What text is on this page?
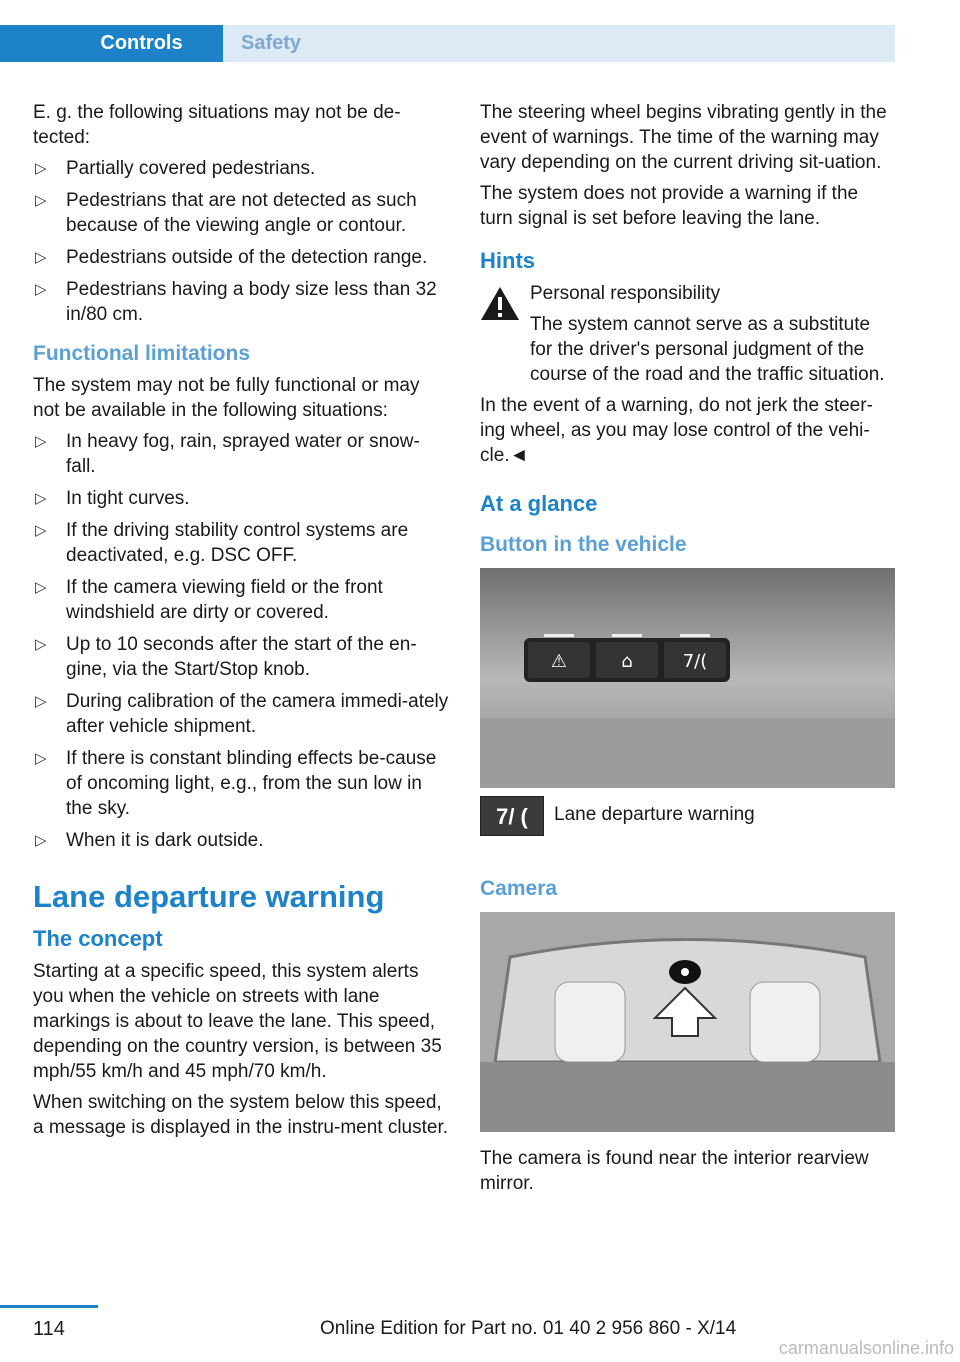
Controls	Safety

E. g. the following situations may not be de-tected:

▷ Partially covered pedestrians.
▷ Pedestrians that are not detected as such because of the viewing angle or contour.
▷ Pedestrians outside of the detection range.
▷ Pedestrians having a body size less than 32 in/80 cm.
Functional limitations

The system may not be fully functional or may not be available in the following situations:

▷ In heavy fog, rain, sprayed water or snow-fall.
▷ In tight curves.
▷ If the driving stability control systems are deactivated, e.g. DSC OFF.
▷ If the camera viewing field or the front windshield are dirty or covered.
▷ Up to 10 seconds after the start of the en-gine, via the Start/Stop knob.
▷ During calibration of the camera immedi-ately after vehicle shipment.
▷ If there is constant blinding effects be-cause of oncoming light, e.g., from the sun low in the sky.
▷ When it is dark outside.
Lane departure warning
The concept

Starting at a specific speed, this system alerts you when the vehicle on streets with lane markings is about to leave the lane. This speed, depending on the country version, is between 35 mph/55 km/h and 45 mph/70 km/h.

When switching on the system below this speed, a message is displayed in the instru-ment cluster.

The steering wheel begins vibrating gently in the event of warnings. The time of the warning may vary depending on the current driving sit-uation.

The system does not provide a warning if the turn signal is set before leaving the lane.

Hints

Personal responsibility

The system cannot serve as a substitute for the driver's personal judgment of the course of the road and the traffic situation.

In the event of a warning, do not jerk the steer-ing wheel, as you may lose control of the vehi-cle.◄

At a glance
Button in the vehicle
⚠	⌂	7/(
7/ (	Lane departure warning
Camera

The camera is found near the interior rearview mirror.

114	Online Edition for Part no. 01 40 2 956 860 - X/14
carmanualsonline.info
